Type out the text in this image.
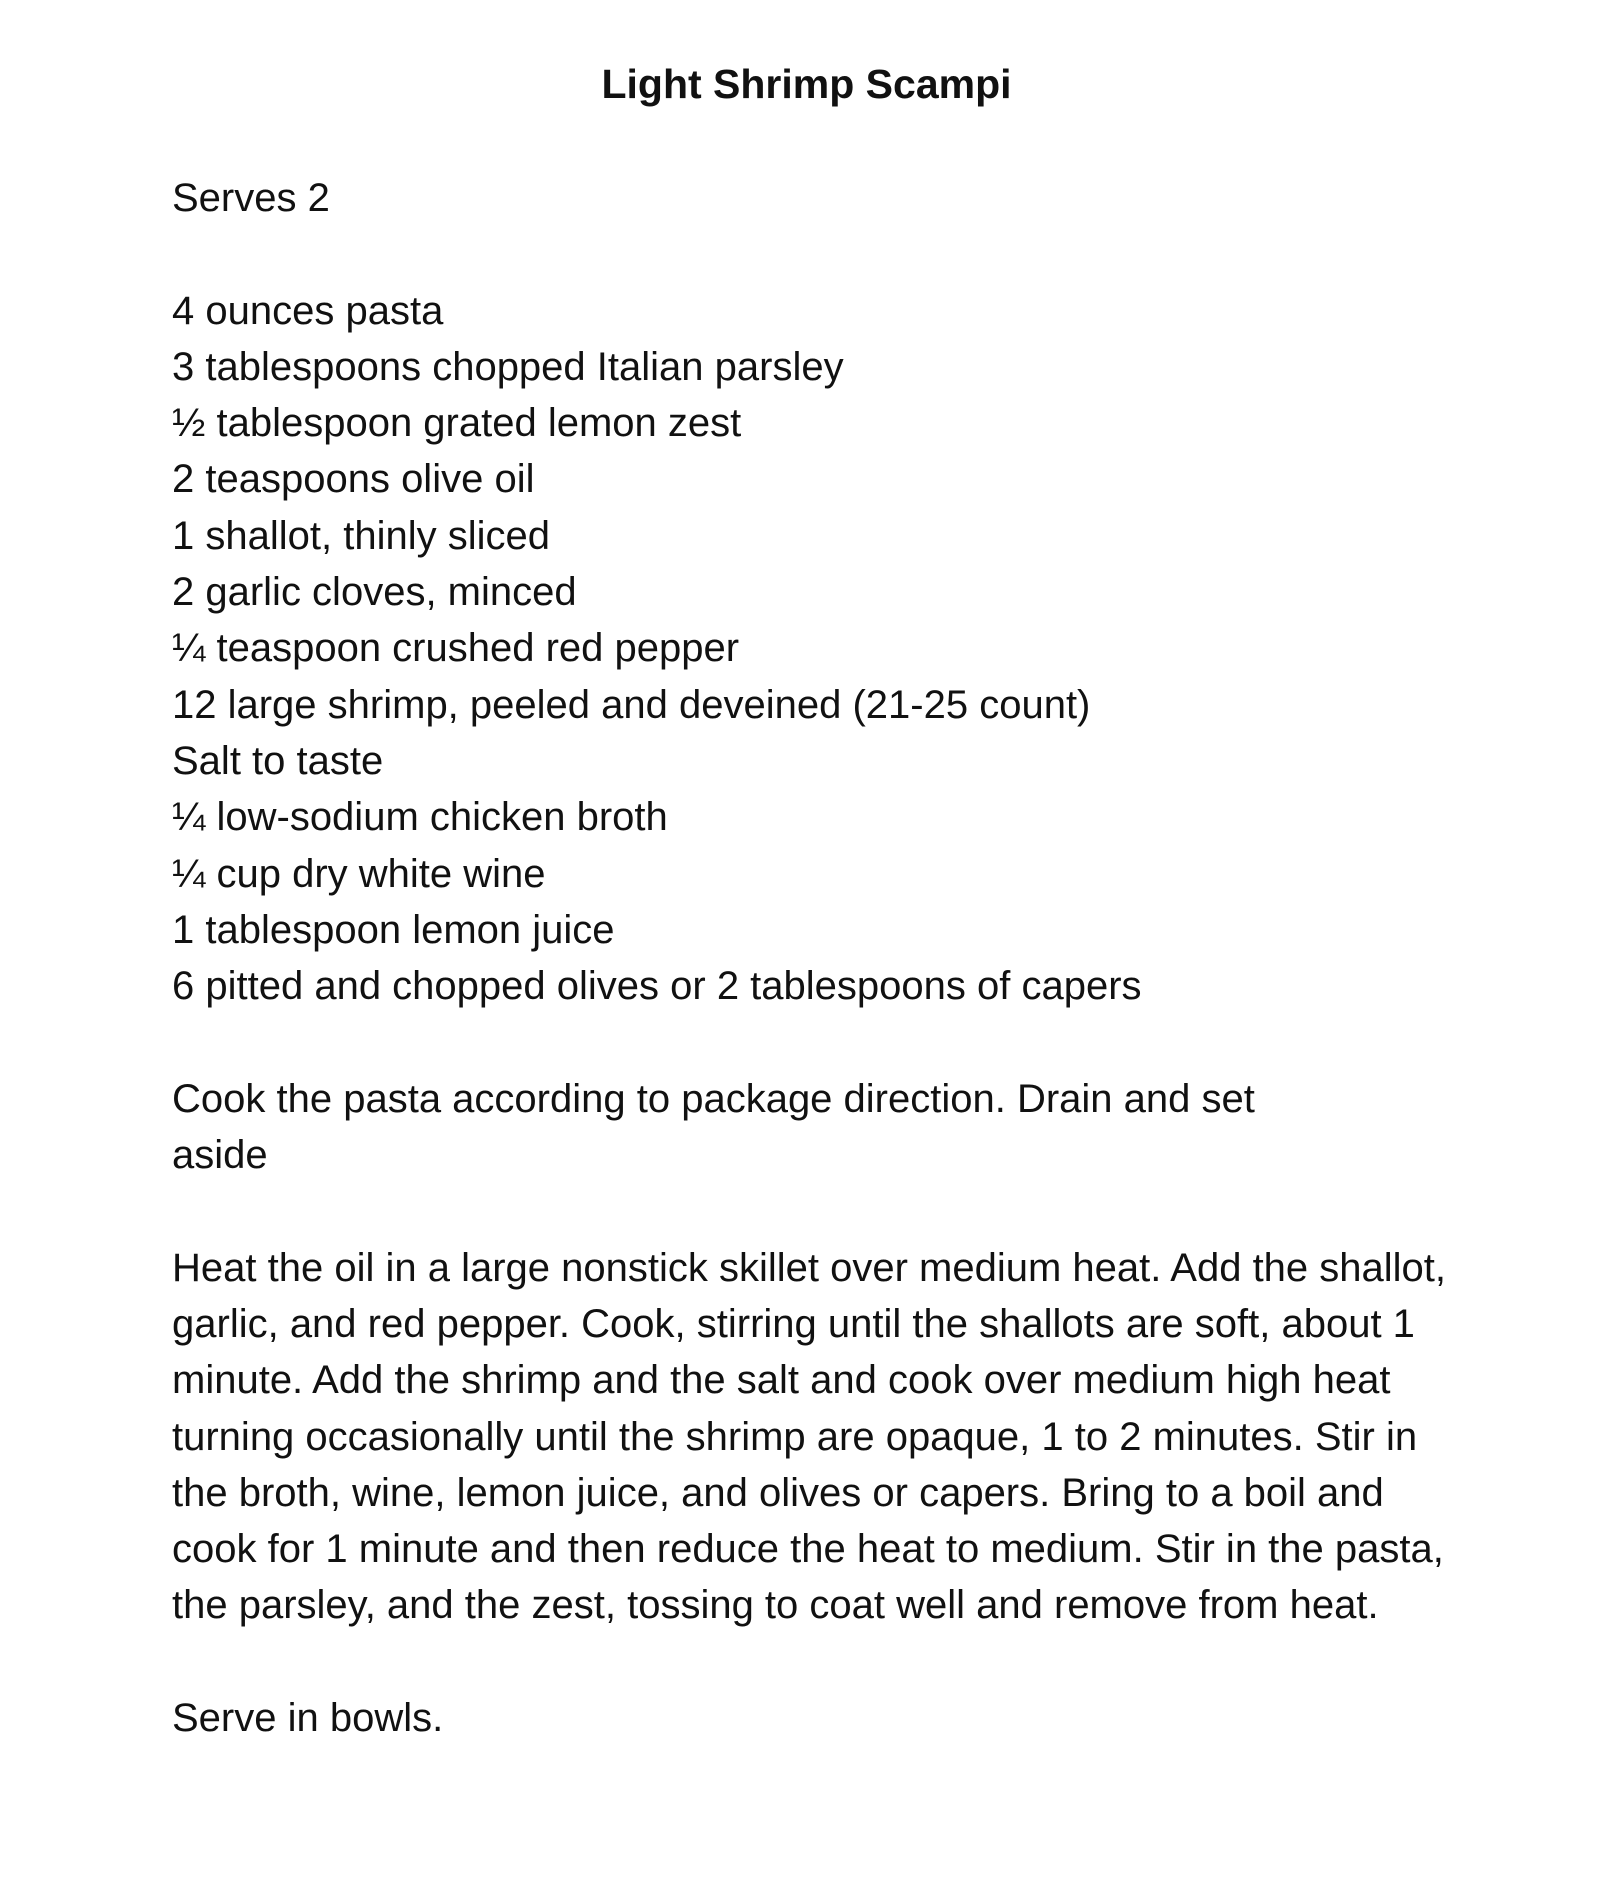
Light Shrimp Scampi

Serves 2

4 ounces pasta
3 tablespoons chopped Italian parsley
½ tablespoon grated lemon zest
2 teaspoons olive oil
1 shallot, thinly sliced
2 garlic cloves, minced
¼ teaspoon crushed red pepper
12 large shrimp, peeled and deveined (21-25 count)
Salt to taste
¼ low-sodium chicken broth
¼ cup dry white wine
1 tablespoon lemon juice
6 pitted and chopped olives or 2 tablespoons of capers

Cook the pasta according to package direction. Drain and set aside

Heat the oil in a large nonstick skillet over medium heat. Add the shallot, garlic, and red pepper. Cook, stirring until the shallots are soft, about 1 minute. Add the shrimp and the salt and cook over medium high heat turning occasionally until the shrimp are opaque, 1 to 2 minutes. Stir in the broth, wine, lemon juice, and olives or capers. Bring to a boil and cook for 1 minute and then reduce the heat to medium. Stir in the pasta, the parsley, and the zest, tossing to coat well and remove from heat.

Serve in bowls.
